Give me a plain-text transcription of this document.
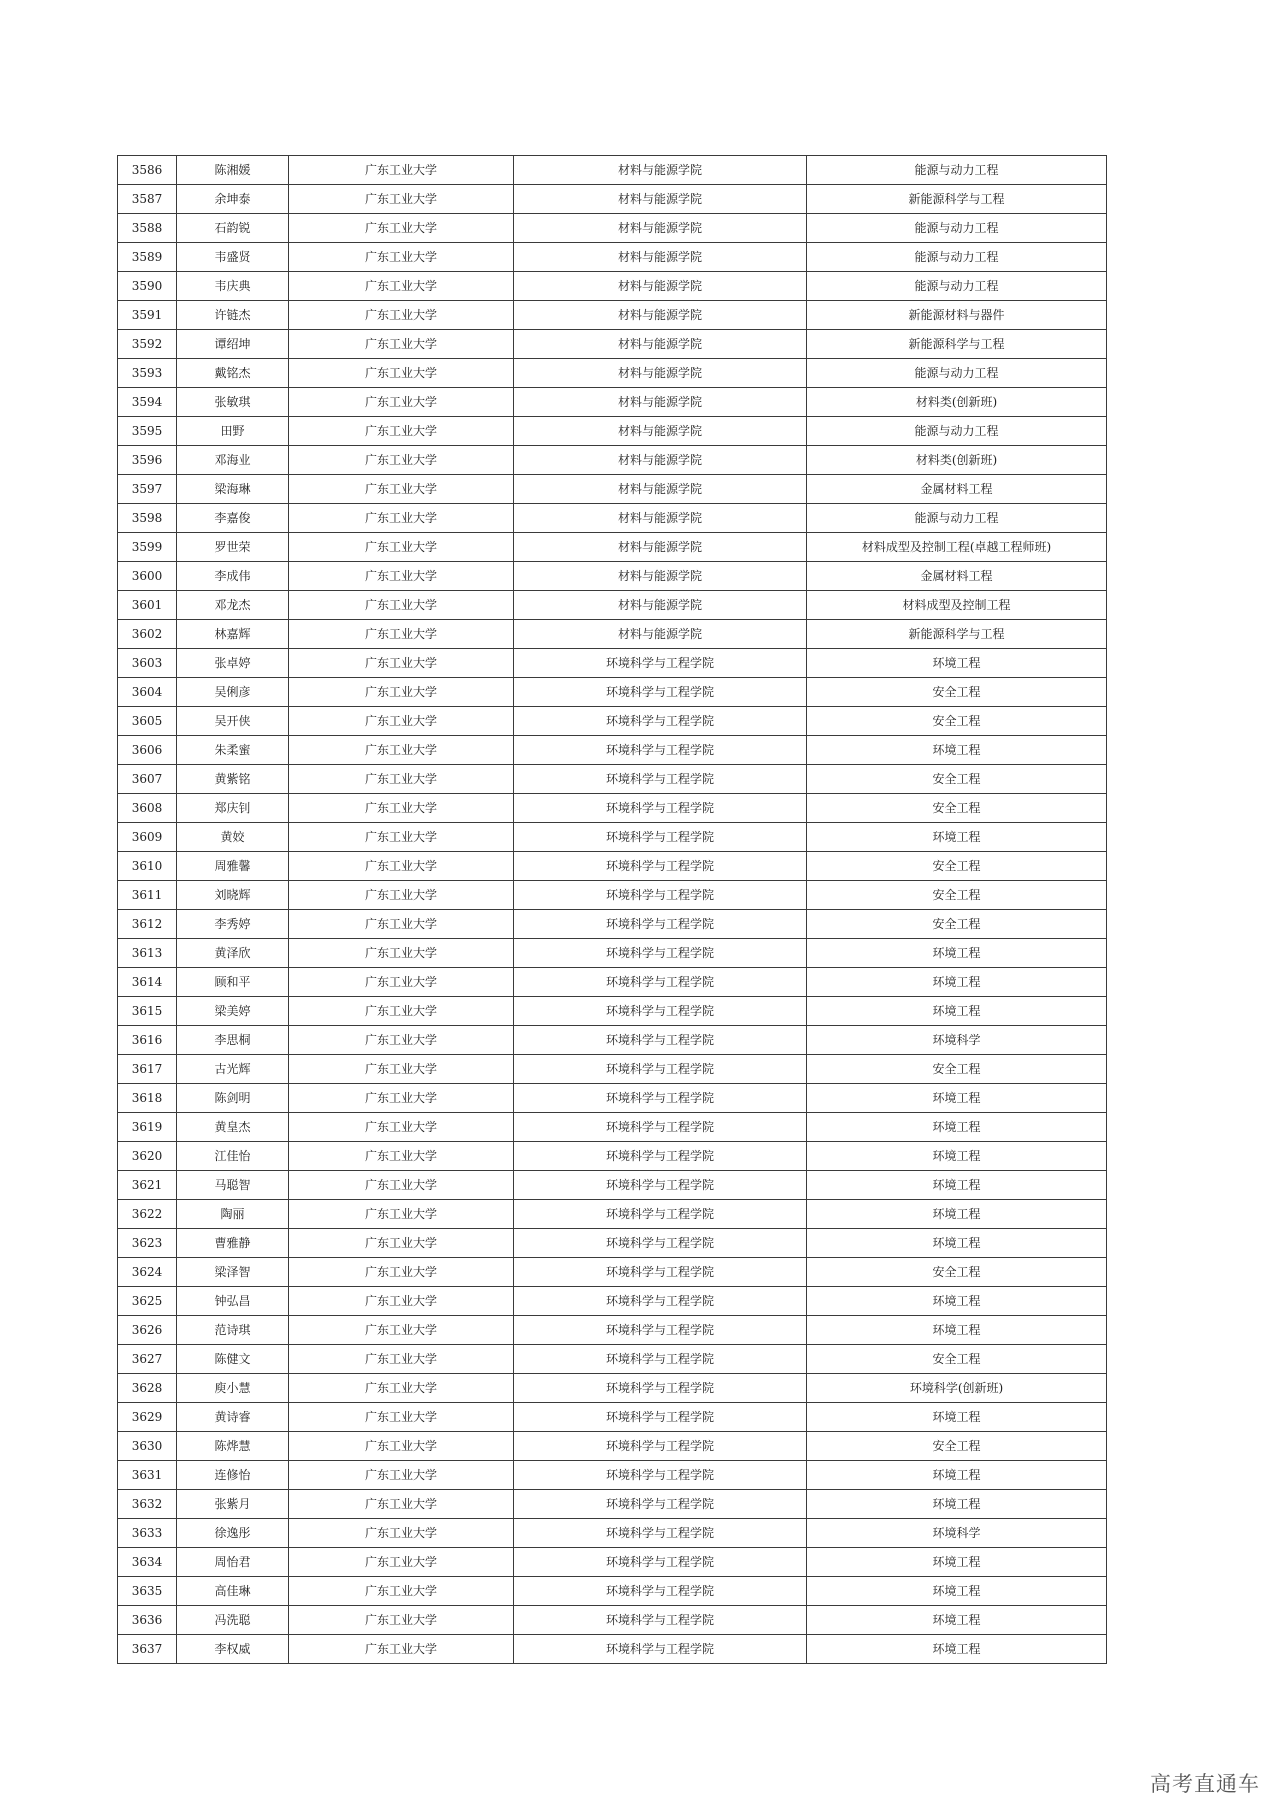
3586	陈湘媛	广东工业大学	材料与能源学院	能源与动力工程
3587	余坤泰	广东工业大学	材料与能源学院	新能源科学与工程
3588	石韵锐	广东工业大学	材料与能源学院	能源与动力工程
3589	韦盛贤	广东工业大学	材料与能源学院	能源与动力工程
3590	韦庆典	广东工业大学	材料与能源学院	能源与动力工程
3591	许链杰	广东工业大学	材料与能源学院	新能源材料与器件
3592	谭绍坤	广东工业大学	材料与能源学院	新能源科学与工程
3593	戴铭杰	广东工业大学	材料与能源学院	能源与动力工程
3594	张敏琪	广东工业大学	材料与能源学院	材料类(创新班)
3595	田野	广东工业大学	材料与能源学院	能源与动力工程
3596	邓海业	广东工业大学	材料与能源学院	材料类(创新班)
3597	梁海琳	广东工业大学	材料与能源学院	金属材料工程
3598	李嘉俊	广东工业大学	材料与能源学院	能源与动力工程
3599	罗世荣	广东工业大学	材料与能源学院	材料成型及控制工程(卓越工程师班)
3600	李成伟	广东工业大学	材料与能源学院	金属材料工程
3601	邓龙杰	广东工业大学	材料与能源学院	材料成型及控制工程
3602	林嘉辉	广东工业大学	材料与能源学院	新能源科学与工程
3603	张卓婷	广东工业大学	环境科学与工程学院	环境工程
3604	吴俐彦	广东工业大学	环境科学与工程学院	安全工程
3605	吴开侠	广东工业大学	环境科学与工程学院	安全工程
3606	朱柔蜜	广东工业大学	环境科学与工程学院	环境工程
3607	黄紫铭	广东工业大学	环境科学与工程学院	安全工程
3608	郑庆钊	广东工业大学	环境科学与工程学院	安全工程
3609	黄姣	广东工业大学	环境科学与工程学院	环境工程
3610	周雅馨	广东工业大学	环境科学与工程学院	安全工程
3611	刘晓辉	广东工业大学	环境科学与工程学院	安全工程
3612	李秀婷	广东工业大学	环境科学与工程学院	安全工程
3613	黄泽欣	广东工业大学	环境科学与工程学院	环境工程
3614	顾和平	广东工业大学	环境科学与工程学院	环境工程
3615	梁美婷	广东工业大学	环境科学与工程学院	环境工程
3616	李思桐	广东工业大学	环境科学与工程学院	环境科学
3617	古光辉	广东工业大学	环境科学与工程学院	安全工程
3618	陈剑明	广东工业大学	环境科学与工程学院	环境工程
3619	黄皇杰	广东工业大学	环境科学与工程学院	环境工程
3620	江佳怡	广东工业大学	环境科学与工程学院	环境工程
3621	马聪智	广东工业大学	环境科学与工程学院	环境工程
3622	陶丽	广东工业大学	环境科学与工程学院	环境工程
3623	曹雅静	广东工业大学	环境科学与工程学院	环境工程
3624	梁泽智	广东工业大学	环境科学与工程学院	安全工程
3625	钟弘昌	广东工业大学	环境科学与工程学院	环境工程
3626	范诗琪	广东工业大学	环境科学与工程学院	环境工程
3627	陈健文	广东工业大学	环境科学与工程学院	安全工程
3628	庾小慧	广东工业大学	环境科学与工程学院	环境科学(创新班)
3629	黄诗睿	广东工业大学	环境科学与工程学院	环境工程
3630	陈烨慧	广东工业大学	环境科学与工程学院	安全工程
3631	连修怡	广东工业大学	环境科学与工程学院	环境工程
3632	张紫月	广东工业大学	环境科学与工程学院	环境工程
3633	徐逸彤	广东工业大学	环境科学与工程学院	环境科学
3634	周怡君	广东工业大学	环境科学与工程学院	环境工程
3635	高佳琳	广东工业大学	环境科学与工程学院	环境工程
3636	冯洗聪	广东工业大学	环境科学与工程学院	环境工程
3637	李权威	广东工业大学	环境科学与工程学院	环境工程
高考直通车
